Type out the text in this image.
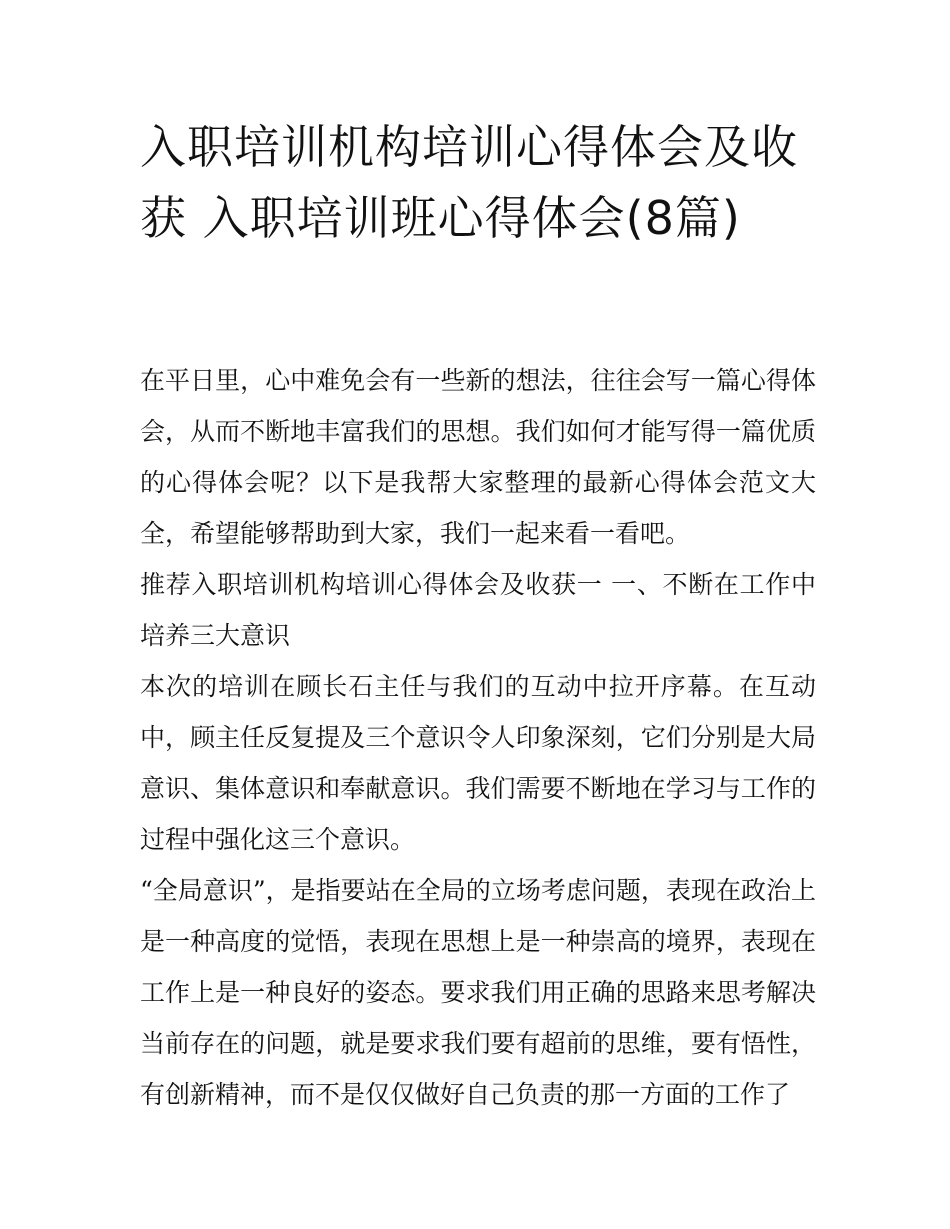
入职培训机构培训心得体会及收获 入职培训班心得体会(8篇)

在平日里，心中难免会有一些新的想法，往往会写一篇心得体会，从而不断地丰富我们的思想。我们如何才能写得一篇优质的心得体会呢？以下是我帮大家整理的最新心得体会范文大全，希望能够帮助到大家，我们一起来看一看吧。

推荐入职培训机构培训心得体会及收获一 一、不断在工作中培养三大意识

本次的培训在顾长石主任与我们的互动中拉开序幕。在互动中，顾主任反复提及三个意识令人印象深刻，它们分别是大局意识、集体意识和奉献意识。我们需要不断地在学习与工作的过程中强化这三个意识。

“全局意识”，是指要站在全局的立场考虑问题，表现在政治上是一种高度的觉悟，表现在思想上是一种崇高的境界，表现在工作上是一种良好的姿态。要求我们用正确的思路来思考解决当前存在的问题，就是要求我们要有超前的思维，要有悟性，有创新精神，而不是仅仅做好自己负责的那一方面的工作了
